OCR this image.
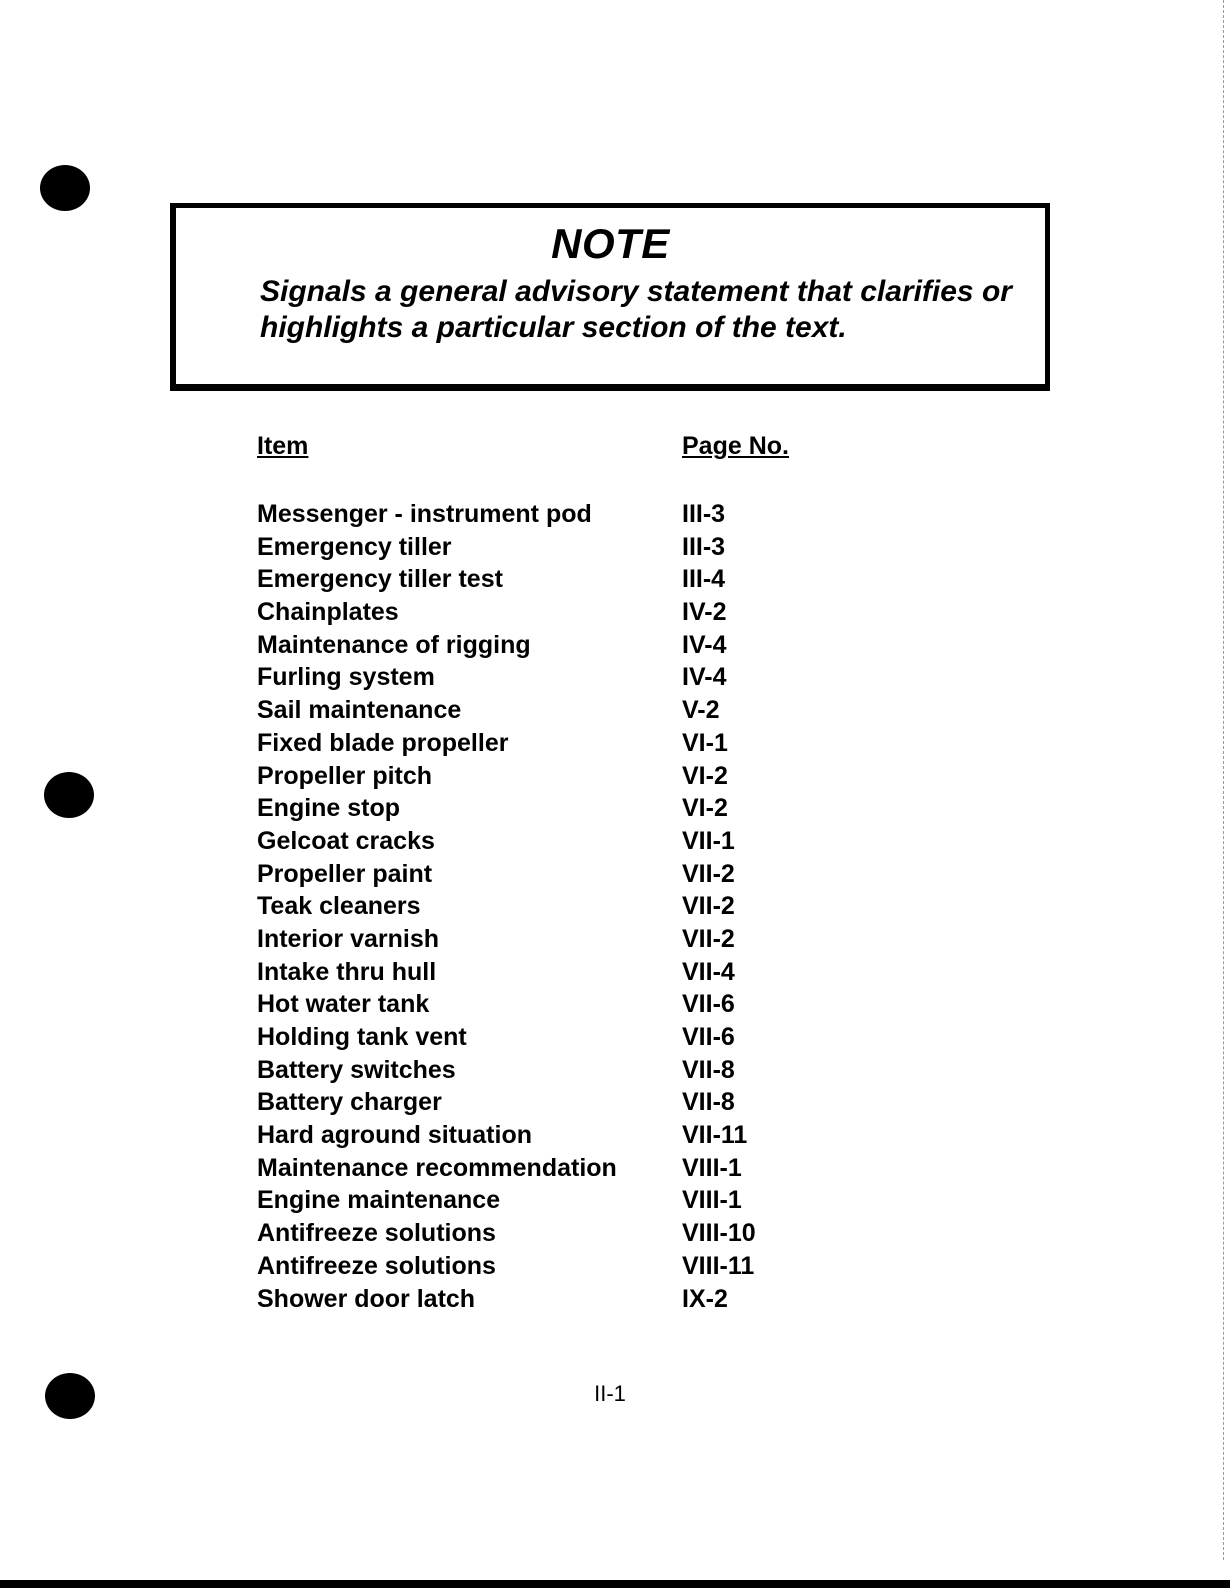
NOTE
Signals a general advisory statement that clarifies or highlights a particular section of the text.
Item	Page No.
Messenger - instrument pod	III-3
Emergency tiller	III-3
Emergency tiller test	III-4
Chainplates	IV-2
Maintenance of rigging	IV-4
Furling system	IV-4
Sail maintenance	V-2
Fixed blade propeller	VI-1
Propeller pitch	VI-2
Engine stop	VI-2
Gelcoat cracks	VII-1
Propeller paint	VII-2
Teak cleaners	VII-2
Interior varnish	VII-2
Intake thru hull	VII-4
Hot water tank	VII-6
Holding tank vent	VII-6
Battery switches	VII-8
Battery charger	VII-8
Hard aground situation	VII-11
Maintenance recommendation	VIII-1
Engine maintenance	VIII-1
Antifreeze solutions	VIII-10
Antifreeze solutions	VIII-11
Shower door latch	IX-2
II-1
